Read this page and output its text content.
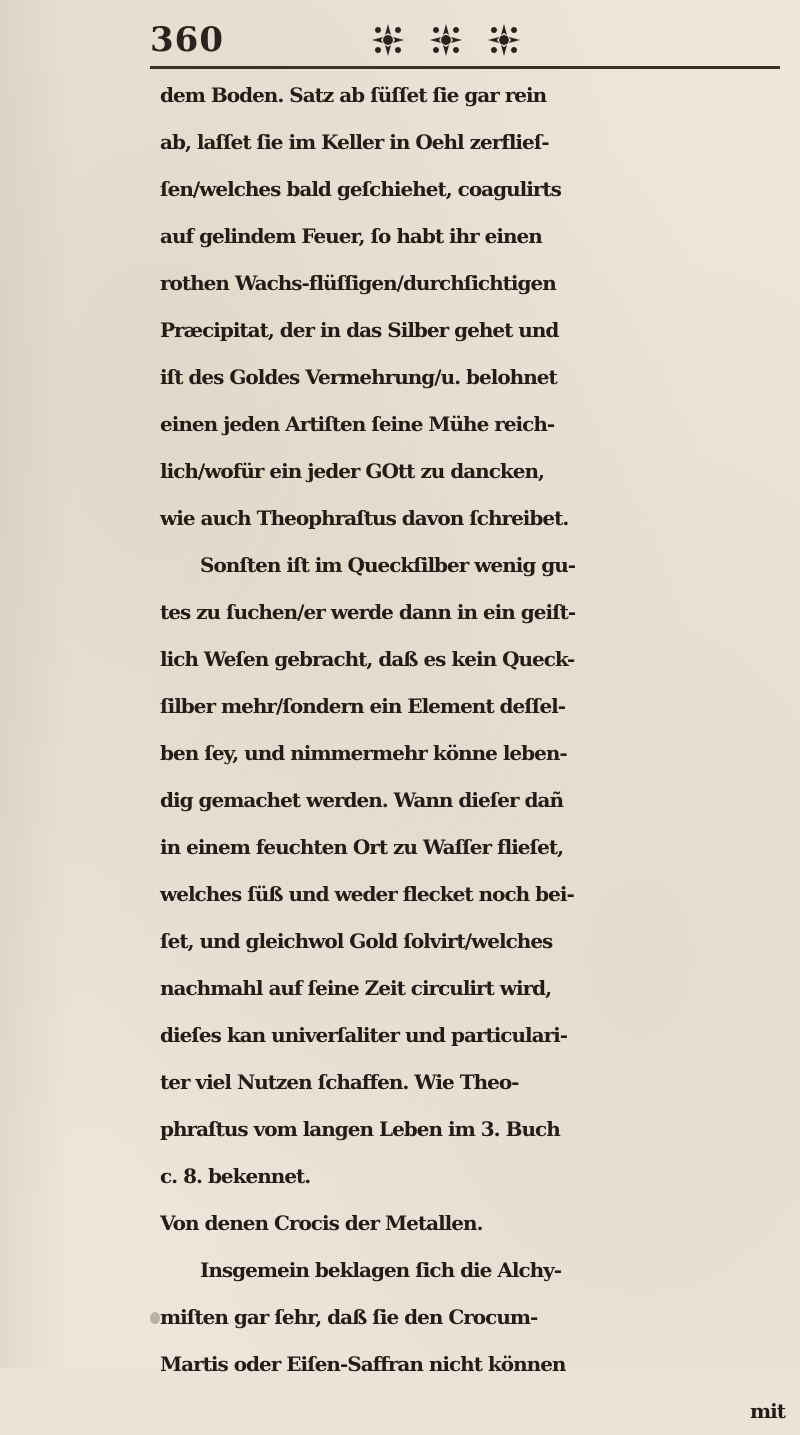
360
dem Boden. Satz ab ſüſſet ſie gar rein
ab, laſſet ſie im Keller in Oehl zerflieſ-
ſen/welches bald geſchiehet, coagulirts
auf gelindem Feuer, ſo habt ihr einen
rothen Wachs-flüſſigen/durchſichtigen
Præcipitat, der in das Silber gehet und
iſt des Goldes Vermehrung/u. belohnet
einen jeden Artiſten ſeine Mühe reich-
lich/wofür ein jeder GOtt zu dancken,
wie auch Theophraſtus davon ſchreibet.
Sonſten iſt im Queckſilber wenig gu-
tes zu ſuchen/er werde dann in ein geiſt-
lich Weſen gebracht, daß es kein Queck-
ſilber mehr/ſondern ein Element deſſel-
ben ſey, und nimmermehr könne leben-
dig gemachet werden. Wann dieſer dañ
in einem feuchten Ort zu Waſſer flieſet,
welches ſüß und weder flecket noch bei-
ſet, und gleichwol Gold ſolvirt/welches
nachmahl auf ſeine Zeit circulirt wird,
dieſes kan univerſaliter und particulari-
ter viel Nutzen ſchaffen. Wie Theo-
phraſtus vom langen Leben im 3. Buch
c. 8. bekennet.
Von denen Crocis der Metallen.
Insgemein beklagen ſich die Alchy-
miſten gar ſehr, daß ſie den Crocum-
Martis oder Eiſen-Saffran nicht können
mit
